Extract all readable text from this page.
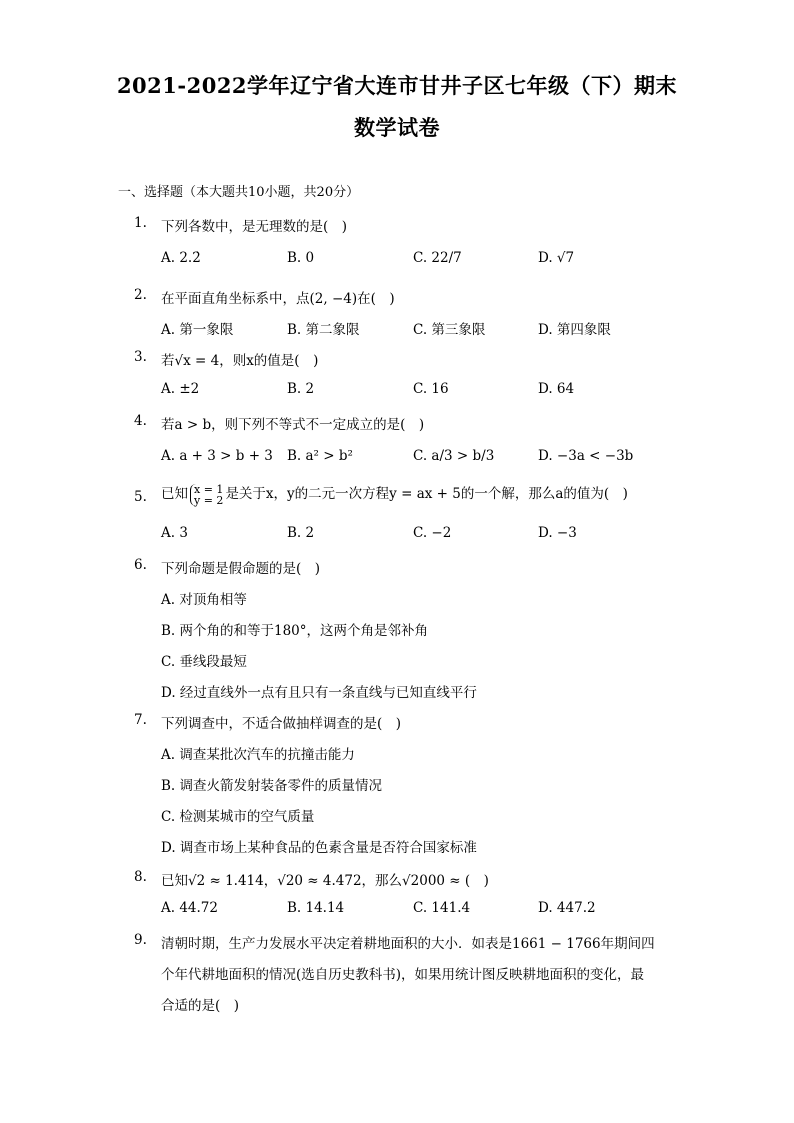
2021-2022学年辽宁省大连市甘井子区七年级（下）期末
数学试卷
一、选择题（本大题共10小题，共20分）
1.	下列各数中，是无理数的是(　)
A. 2.2̇	B. 0	C. 22/7	D. √7
2.	在平面直角坐标系中，点(2, −4)在(　)
A. 第一象限	B. 第二象限	C. 第三象限	D. 第四象限
3.	若√x = 4，则x的值是(　)
A. ±2	B. 2	C. 16	D. 64
4.	若a > b，则下列不等式不一定成立的是(　)
A. a + 3 > b + 3 B. a² > b²	C. a/3 > b/3	D. −3a < −3b
5.	已知 x = 1
y = 2 是关于x，y的二元一次方程y = ax + 5的一个解，那么a的值为(　)
A. 3	B. 2	C. −2	D. −3
6.	下列命题是假命题的是(　)
A. 对顶角相等
B. 两个角的和等于180°，这两个角是邻补角
C. 垂线段最短
D. 经过直线外一点有且只有一条直线与已知直线平行
7.	下列调查中，不适合做抽样调查的是(　)
A. 调查某批次汽车的抗撞击能力
B. 调查火箭发射装备零件的质量情况
C. 检测某城市的空气质量
D. 调查市场上某种食品的色素含量是否符合国家标准
8.	已知√2 ≈ 1.414，√20 ≈ 4.472，那么√2000 ≈ (　)
A. 44.72	B. 14.14	C. 141.4	D. 447.2
9.	清朝时期，生产力发展水平决定着耕地面积的大小．如表是1661 − 1766年期间四
个年代耕地面积的情况(选自历史教科书)，如果用统计图反映耕地面积的变化，最
合适的是(　)
